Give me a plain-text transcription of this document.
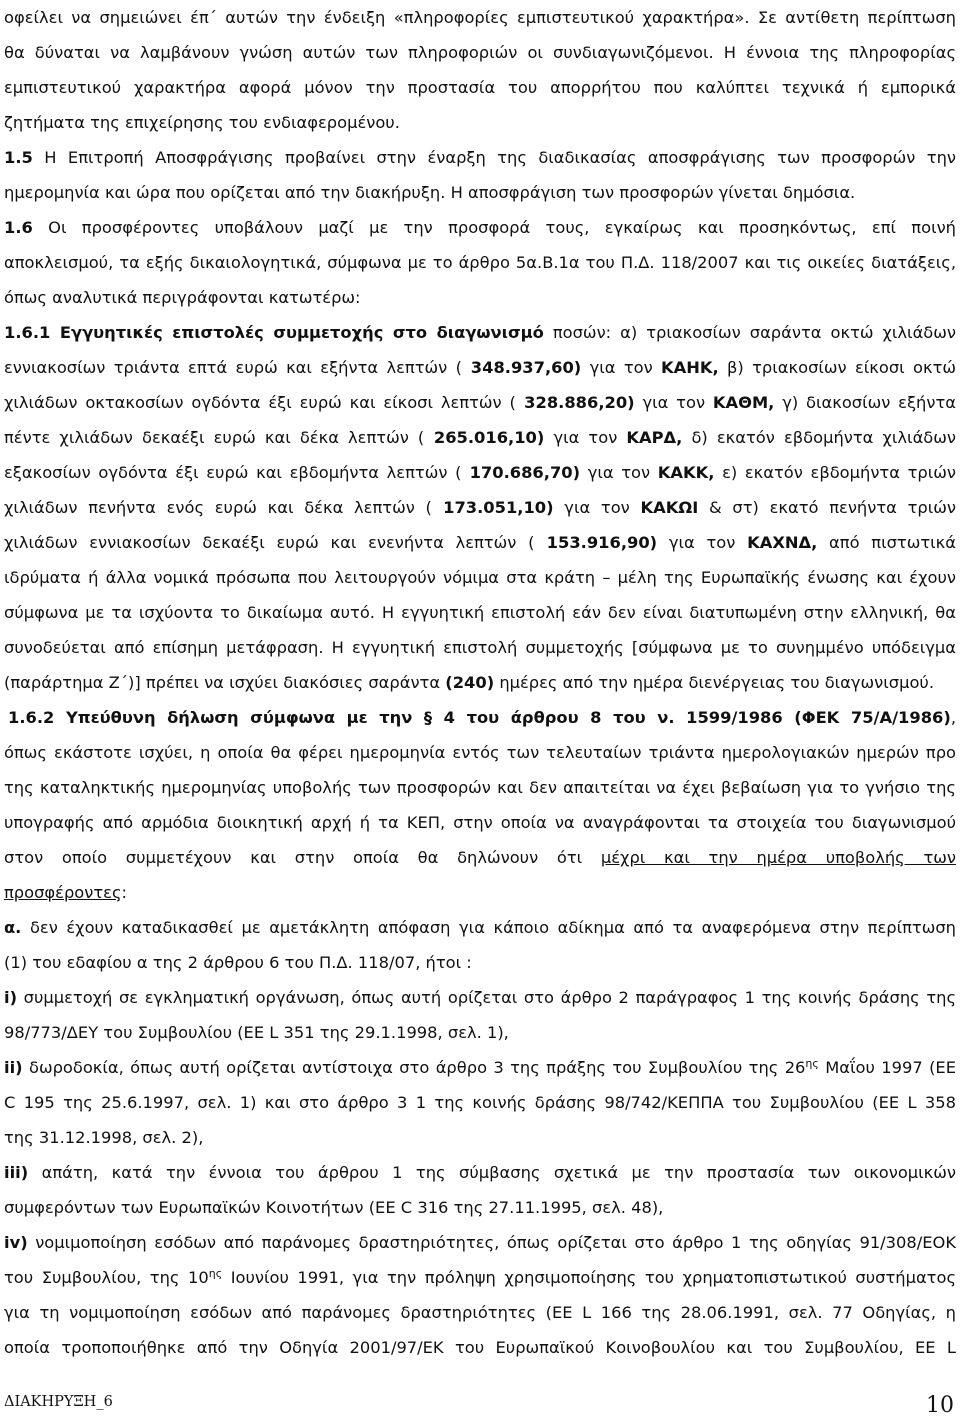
οφείλει να σημειώνει έπ΄ αυτών την ένδειξη «πληροφορίες εμπιστευτικού χαρακτήρα». Σε αντίθετη περίπτωση
θα δύναται να λαμβάνουν γνώση αυτών των πληροφοριών οι συνδιαγωνιζόμενοι. Η έννοια της πληροφορίας
εμπιστευτικού χαρακτήρα αφορά μόνον την προστασία του απορρήτου που καλύπτει τεχνικά ή εμπορικά
ζητήματα της επιχείρησης του ενδιαφερομένου.
1.5 Η Επιτροπή Αποσφράγισης προβαίνει στην έναρξη της διαδικασίας αποσφράγισης των προσφορών την
ημερομηνία και ώρα που ορίζεται από την διακήρυξη. Η αποσφράγιση των προσφορών γίνεται δημόσια.
1.6 Οι προσφέροντες υποβάλουν μαζί με την προσφορά τους, εγκαίρως και προσηκόντως, επί ποινή
αποκλεισμού, τα εξής δικαιολογητικά, σύμφωνα με το άρθρο 5α.Β.1α του Π.Δ. 118/2007 και τις οικείες διατάξεις,
όπως αναλυτικά περιγράφονται κατωτέρω:
1.6.1 Εγγυητικές επιστολές συμμετοχής στο διαγωνισμό ποσών: α) τριακοσίων σαράντα οκτώ χιλιάδων
εννιακοσίων τριάντα επτά ευρώ και εξήντα λεπτών ( 348.937,60) για τον ΚΑΗΚ, β) τριακοσίων είκοσι οκτώ
χιλιάδων οκτακοσίων ογδόντα έξι ευρώ και είκοσι λεπτών ( 328.886,20) για τον ΚΑΘΜ, γ) διακοσίων εξήντα
πέντε χιλιάδων δεκαέξι ευρώ και δέκα λεπτών ( 265.016,10) για τον ΚΑΡΔ, δ) εκατόν εβδομήντα χιλιάδων
εξακοσίων ογδόντα έξι ευρώ και εβδομήντα λεπτών ( 170.686,70) για τον ΚΑΚΚ, ε) εκατόν εβδομήντα τριών
χιλιάδων πενήντα ενός ευρώ και δέκα λεπτών ( 173.051,10) για τον ΚΑΚΩΙ & στ) εκατό πενήντα τριών
χιλιάδων εννιακοσίων δεκαέξι ευρώ και ενενήντα λεπτών ( 153.916,90) για τον ΚΑΧΝΔ, από πιστωτικά
ιδρύματα ή άλλα νομικά πρόσωπα που λειτουργούν νόμιμα στα κράτη – μέλη της Ευρωπαϊκής ένωσης και έχουν
σύμφωνα με τα ισχύοντα το δικαίωμα αυτό. Η εγγυητική επιστολή εάν δεν είναι διατυπωμένη στην ελληνική, θα
συνοδεύεται από επίσημη μετάφραση. Η εγγυητική επιστολή συμμετοχής [σύμφωνα με το συνημμένο υπόδειγμα
(παράρτημα Ζ΄)] πρέπει να ισχύει διακόσιες σαράντα (240) ημέρες από την ημέρα διενέργειας του διαγωνισμού.
1.6.2 Υπεύθυνη δήλωση σύμφωνα με την § 4 του άρθρου 8 του ν. 1599/1986 (ΦΕΚ 75/Α/1986),
όπως εκάστοτε ισχύει, η οποία θα φέρει ημερομηνία εντός των τελευταίων τριάντα ημερολογιακών ημερών προ
της καταληκτικής ημερομηνίας υποβολής των προσφορών και δεν απαιτείται να έχει βεβαίωση για το γνήσιο της
υπογραφής από αρμόδια διοικητική αρχή ή τα ΚΕΠ, στην οποία να αναγράφονται τα στοιχεία του διαγωνισμού
στον οποίο συμμετέχουν και στην οποία θα δηλώνουν ότι μέχρι και την ημέρα υποβολής των
προσφέροντες:
α. δεν έχουν καταδικασθεί με αμετάκλητη απόφαση για κάποιο αδίκημα από τα αναφερόμενα στην περίπτωση
(1) του εδαφίου α της 2 άρθρου 6 του Π.Δ. 118/07, ήτοι :
i) συμμετοχή σε εγκληματική οργάνωση, όπως αυτή ορίζεται στο άρθρο 2 παράγραφος 1 της κοινής δράσης της
98/773/ΔΕΥ του Συμβουλίου (ΕΕ L 351 της 29.1.1998, σελ. 1),
ii) δωροδοκία, όπως αυτή ορίζεται αντίστοιχα στο άρθρο 3 της πράξης του Συμβουλίου της $26^{\eta\varsigma}$ Μαΐου 1997 (ΕΕ
C 195 της 25.6.1997, σελ. 1) και στο άρθρο 3 1 της κοινής δράσης 98/742/ΚΕΠΠΑ του Συμβουλίου (ΕΕ L 358
της 31.12.1998, σελ. 2),
iii) απάτη, κατά την έννοια του άρθρου 1 της σύμβασης σχετικά με την προστασία των οικονομικών
συμφερόντων των Ευρωπαϊκών Κοινοτήτων (ΕΕ C 316 της 27.11.1995, σελ. 48),
iv) νομιμοποίηση εσόδων από παράνομες δραστηριότητες, όπως ορίζεται στο άρθρο 1 της οδηγίας 91/308/ΕΟΚ
του Συμβουλίου, της $10^{\eta\varsigma}$ Ιουνίου 1991, για την πρόληψη χρησιμοποίησης του χρηματοπιστωτικού συστήματος
για τη νομιμοποίηση εσόδων από παράνομες δραστηριότητες (ΕΕ L 166 της 28.06.1991, σελ. 77 Οδηγίας, η
οποία τροποποιήθηκε από την Οδηγία 2001/97/ΕΚ του Ευρωπαϊκού Κοινοβουλίου και του Συμβουλίου, ΕΕ L
ΔΙΑΚΗΡΥΞΗ_6	10
